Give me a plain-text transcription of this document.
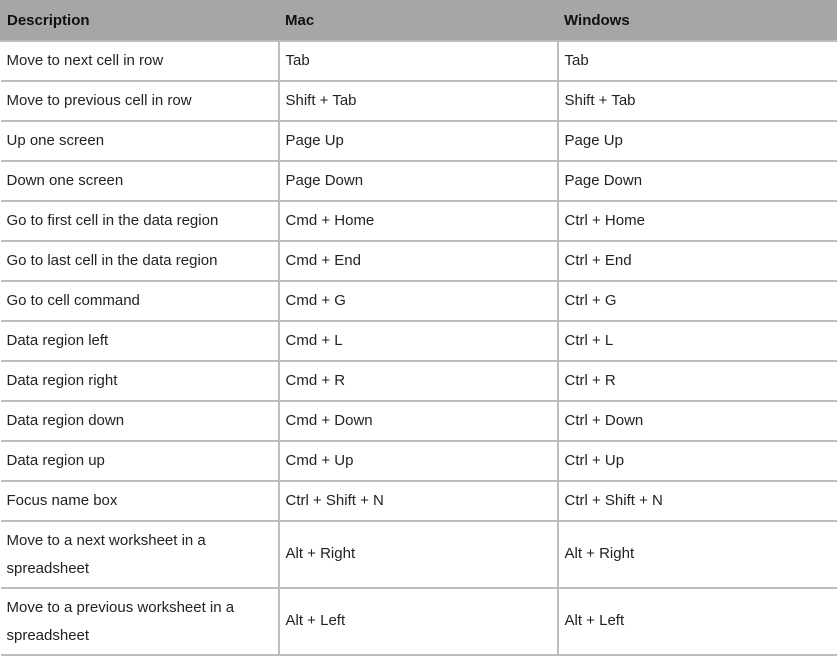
Description	Mac	Windows
Move to next cell in row	Tab	Tab
Move to previous cell in row	Shift + Tab	Shift + Tab
Up one screen	Page Up	Page Up
Down one screen	Page Down	Page Down
Go to first cell in the data region	Cmd + Home	Ctrl + Home
Go to last cell in the data region	Cmd + End	Ctrl + End
Go to cell command	Cmd + G	Ctrl + G
Data region left	Cmd + L	Ctrl + L
Data region right	Cmd + R	Ctrl + R
Data region down	Cmd + Down	Ctrl + Down
Data region up	Cmd + Up	Ctrl + Up
Focus name box	Ctrl + Shift + N	Ctrl + Shift + N
Move to a next worksheet in a spreadsheet	Alt + Right	Alt + Right
Move to a previous worksheet in a spreadsheet	Alt + Left	Alt + Left
